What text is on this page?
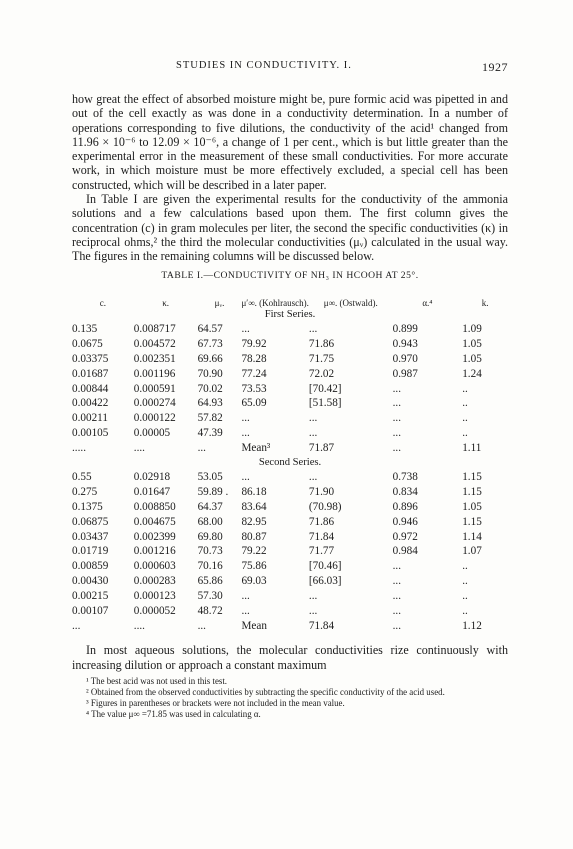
STUDIES IN CONDUCTIVITY. I.	1927

how great the effect of absorbed moisture might be, pure formic acid was pipetted in and out of the cell exactly as was done in a conductivity determination. In a number of operations corresponding to five dilutions, the conductivity of the acid¹ changed from 11.96 × 10⁻⁶ to 12.09 × 10⁻⁶, a change of 1 per cent., which is but little greater than the experimental error in the measurement of these small conductivities. For more accurate work, in which moisture must be more effectively excluded, a special cell has been constructed, which will be described in a later paper.

In Table I are given the experimental results for the conductivity of the ammonia solutions and a few calculations based upon them. The first column gives the concentration (c) in gram molecules per liter, the second the specific conductivities (κ) in reciprocal ohms,² the third the molecular conductivities (μᵥ) calculated in the usual way. The figures in the remaining columns will be discussed below.

TABLE I.—CONDUCTIVITY OF NH₃ IN HCOOH AT 25°.
c.	κ.	μᵥ.	μ′∞. (Kohlrausch).	μ∞. (Ostwald).	α.⁴	k.
First Series.						
0.135	0.008717	64.57	...	...	0.899	1.09
0.0675	0.004572	67.73	79.92	71.86	0.943	1.05
0.03375	0.002351	69.66	78.28	71.75	0.970	1.05
0.01687	0.001196	70.90	77.24	72.02	0.987	1.24
0.00844	0.000591	70.02	73.53	[70.42]	...	..
0.00422	0.000274	64.93	65.09	[51.58]	...	..
0.00211	0.000122	57.82	...	...	...	..
0.00105	0.00005	47.39	...	...	...	..
.....	....	...	Mean³	71.87	...	1.11
Second Series.						
0.55	0.02918	53.05	...	...	0.738	1.15
0.275	0.01647	59.89 .	86.18	71.90	0.834	1.15
0.1375	0.008850	64.37	83.64	(70.98)	0.896	1.05
0.06875	0.004675	68.00	82.95	71.86	0.946	1.15
0.03437	0.002399	69.80	80.87	71.84	0.972	1.14
0.01719	0.001216	70.73	79.22	71.77	0.984	1.07
0.00859	0.000603	70.16	75.86	[70.46]	...	..
0.00430	0.000283	65.86	69.03	[66.03]	...	..
0.00215	0.000123	57.30	...	...	...	..
0.00107	0.000052	48.72	...	...	...	..
...	....	...	Mean	71.84	...	1.12
In most aqueous solutions, the molecular conductivities rize continuously with increasing dilution or approach a constant maximum

¹ The best acid was not used in this test.

² Obtained from the observed conductivities by subtracting the specific conductivity of the acid used.

³ Figures in parentheses or brackets were not included in the mean value.

⁴ The value μ∞ =71.85 was used in calculating α.
